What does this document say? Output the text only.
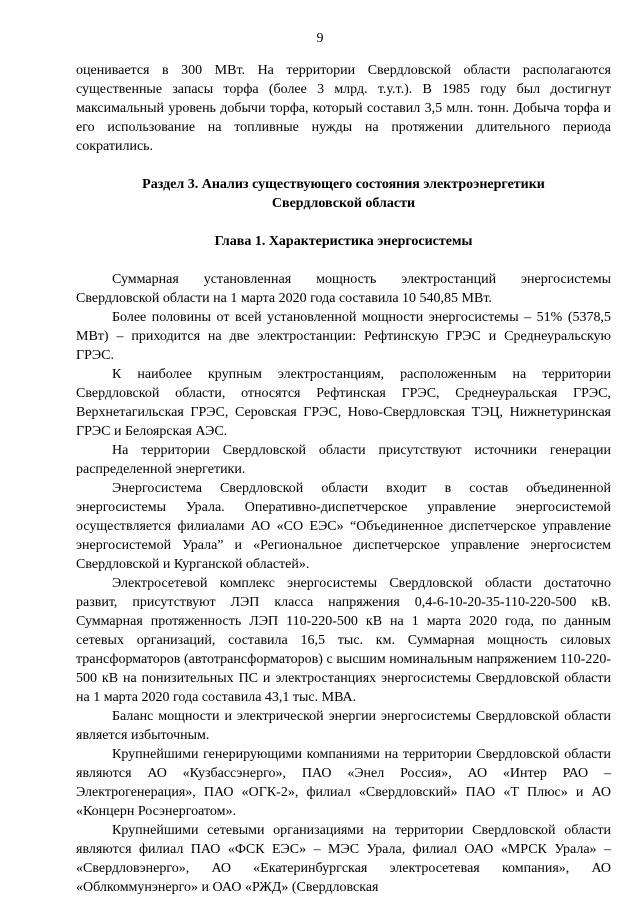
9

оценивается в 300 МВт. На территории Свердловской области располагаются существенные запасы торфа (более 3 млрд. т.у.т.). В 1985 году был достигнут максимальный уровень добычи торфа, который составил 3,5 млн. тонн. Добыча торфа и его использование на топливные нужды на протяжении длительного периода сократились.

Раздел 3. Анализ существующего состояния электроэнергетики
Свердловской области

Глава 1. Характеристика энергосистемы

Суммарная установленная мощность электростанций энергосистемы Свердловской области на 1 марта 2020 года составила 10 540,85 МВт.

Более половины от всей установленной мощности энергосистемы – 51% (5378,5 МВт) – приходится на две электростанции: Рефтинскую ГРЭС и Среднеуральскую ГРЭС.

К наиболее крупным электростанциям, расположенным на территории Свердловской области, относятся Рефтинская ГРЭС, Среднеуральская ГРЭС, Верхнетагильская ГРЭС, Серовская ГРЭС, Ново-Свердловская ТЭЦ, Нижнетуринская ГРЭС и Белоярская АЭС.

На территории Свердловской области присутствуют источники генерации распределенной энергетики.

Энергосистема Свердловской области входит в состав объединенной энергосистемы Урала. Оперативно-диспетчерское управление энергосистемой осуществляется филиалами АО «СО ЕЭС» “Объединенное диспетчерское управление энергосистемой Урала” и «Региональное диспетчерское управление энергосистем Свердловской и Курганской областей».

Электросетевой комплекс энергосистемы Свердловской области достаточно развит, присутствуют ЛЭП класса напряжения 0,4-6-10-20-35-110-220-500 кВ. Суммарная протяженность ЛЭП 110-220-500 кВ на 1 марта 2020 года, по данным сетевых организаций, составила 16,5 тыс. км. Суммарная мощность силовых трансформаторов (автотрансформаторов) с высшим номинальным напряжением 110-220-500 кВ на понизительных ПС и электростанциях энергосистемы Свердловской области на 1 марта 2020 года составила 43,1 тыс. МВА.

Баланс мощности и электрической энергии энергосистемы Свердловской области является избыточным.

Крупнейшими генерирующими компаниями на территории Свердловской области являются АО «Кузбассэнерго», ПАО «Энел Россия», АО «Интер РАО – Электрогенерация», ПАО «ОГК-2», филиал «Свердловский» ПАО «Т Плюс» и АО «Концерн Росэнергоатом».

Крупнейшими сетевыми организациями на территории Свердловской области являются филиал ПАО «ФСК ЕЭС» – МЭС Урала, филиал ОАО «МРСК Урала» – «Свердловэнерго», АО «Екатеринбургская электросетевая компания», АО «Облкоммунэнерго» и ОАО «РЖД» (Свердловская
